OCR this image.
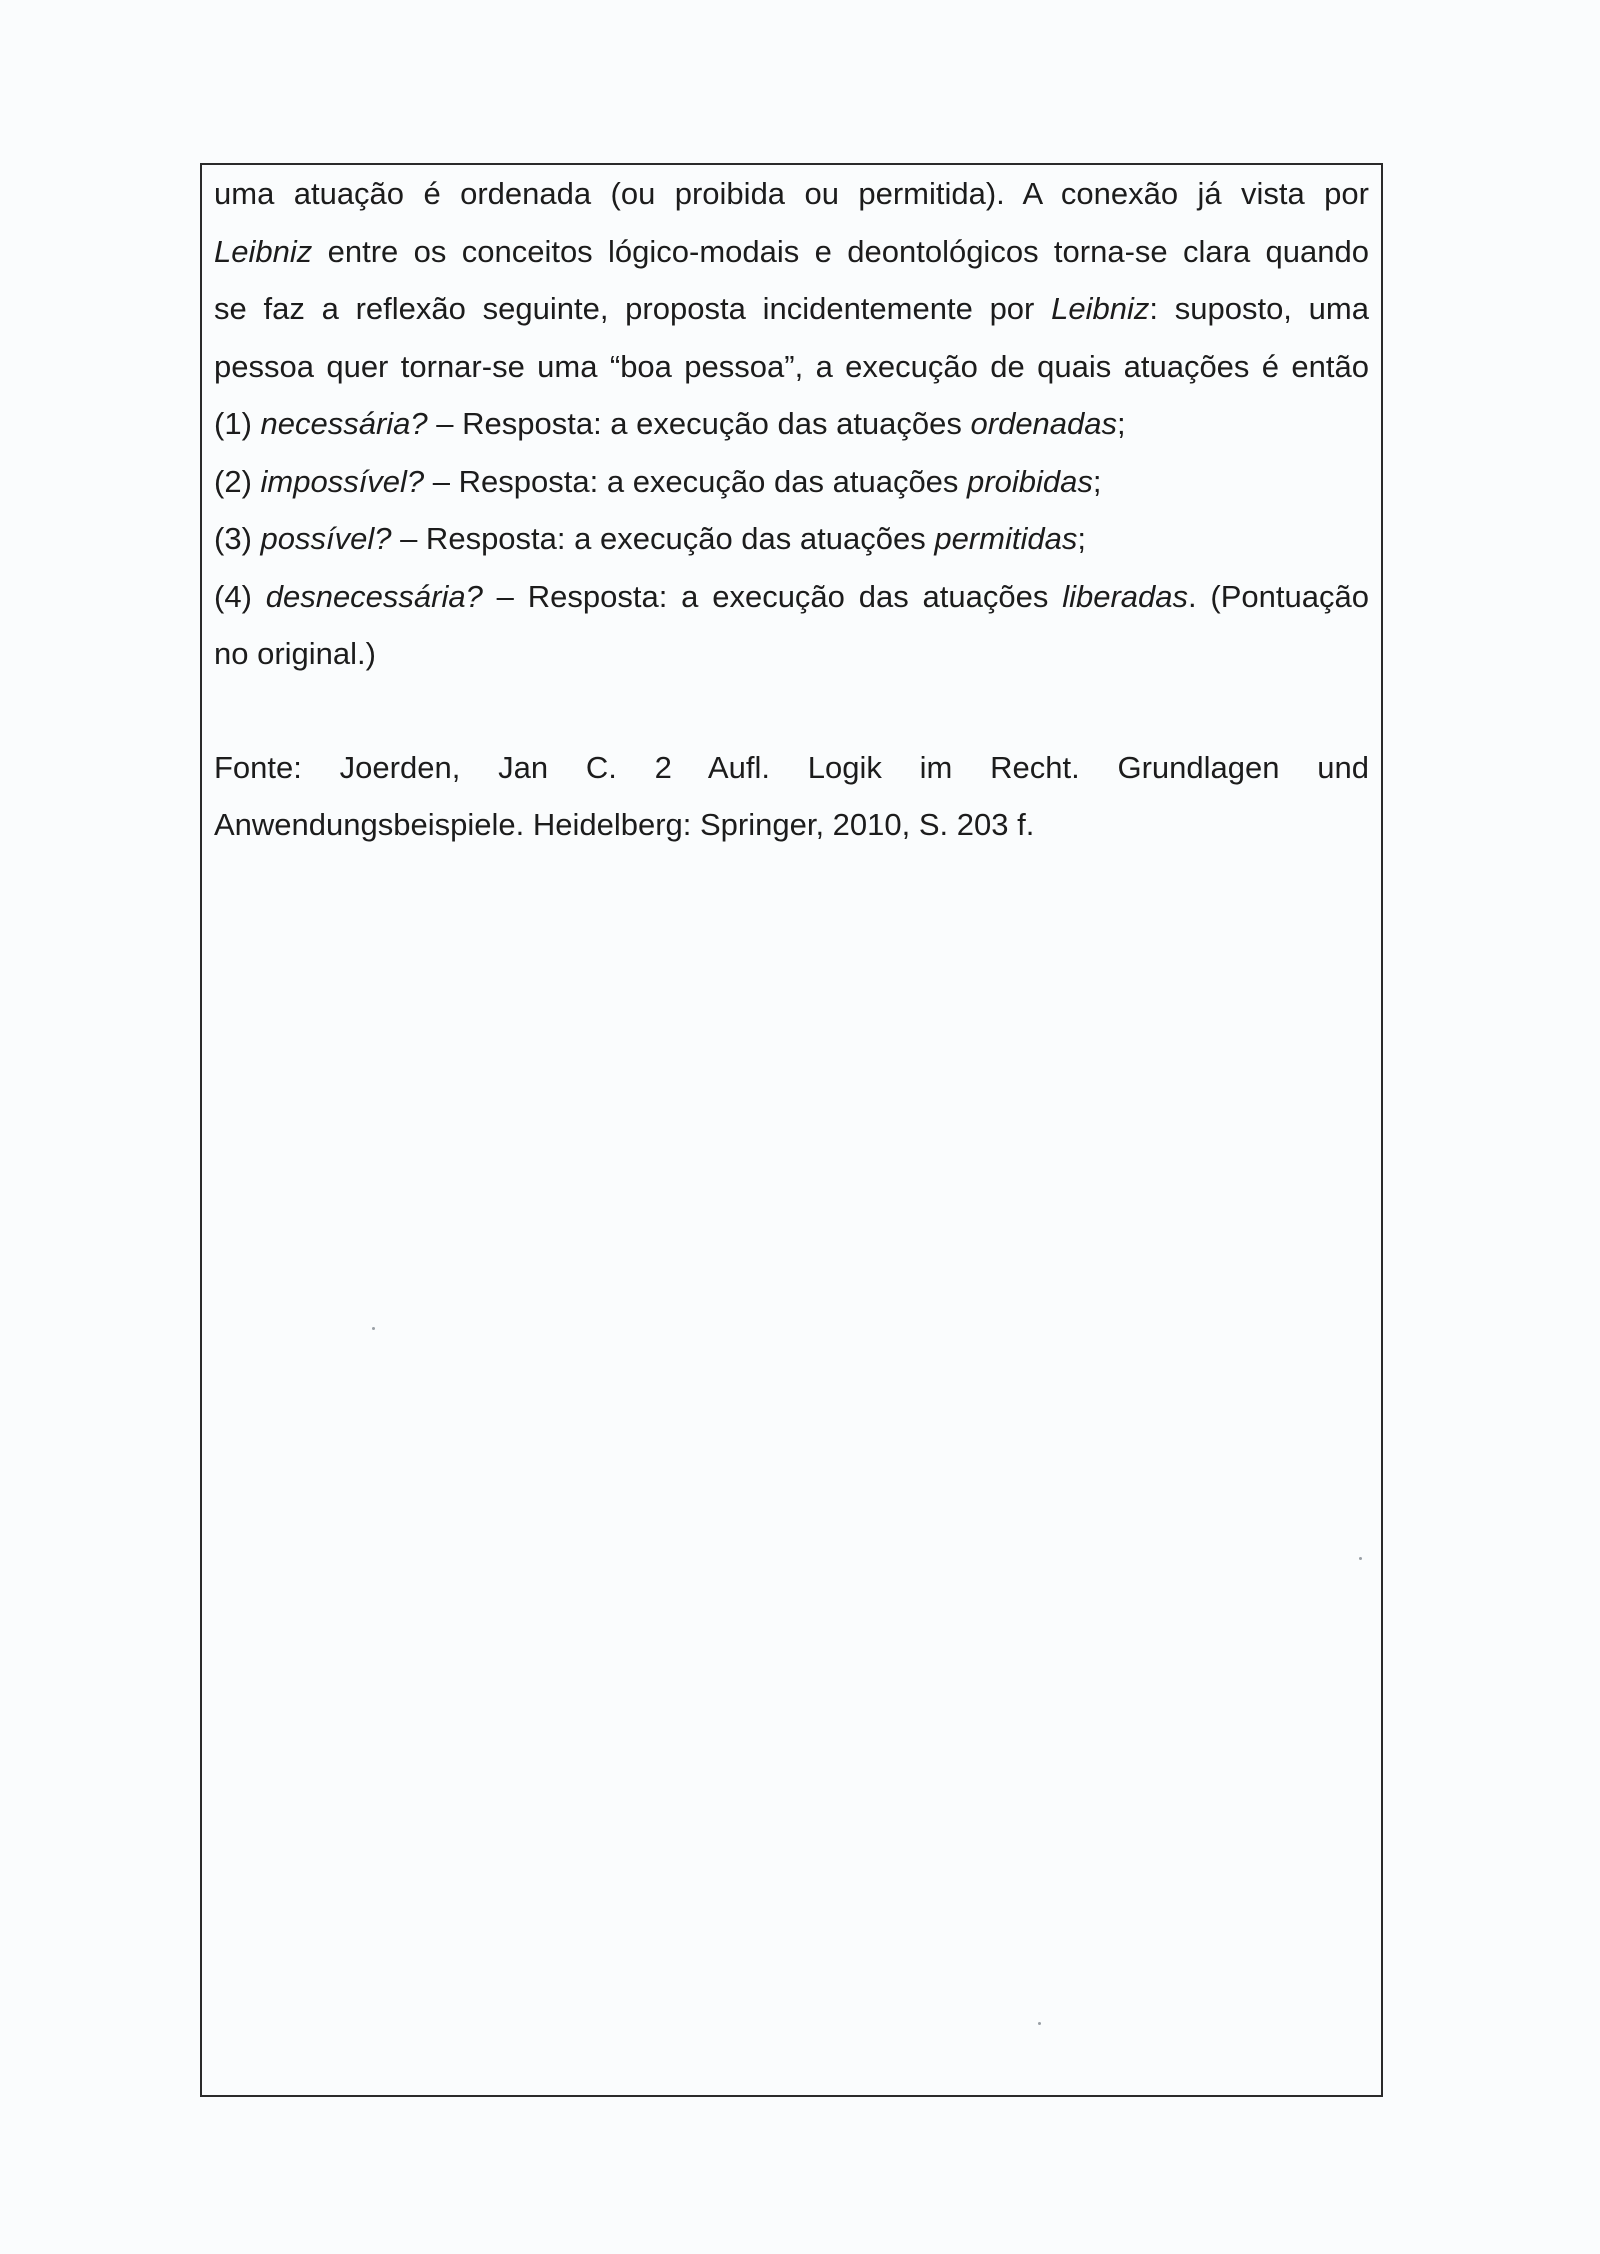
uma atuação é ordenada (ou proibida ou permitida). A conexão já vista por
Leibniz entre os conceitos lógico-modais e deontológicos torna-se clara quando
se faz a reflexão seguinte, proposta incidentemente por Leibniz: suposto, uma
pessoa quer tornar-se uma “boa pessoa”, a execução de quais atuações é então
(1) necessária? – Resposta: a execução das atuações ordenadas;
(2) impossível? – Resposta: a execução das atuações proibidas;
(3) possível? – Resposta: a execução das atuações permitidas;
(4) desnecessária? – Resposta: a execução das atuações liberadas. (Pontuação
no original.)
Fonte: Joerden, Jan C. 2 Aufl. Logik im Recht. Grundlagen und
Anwendungsbeispiele. Heidelberg: Springer, 2010, S. 203 f.
